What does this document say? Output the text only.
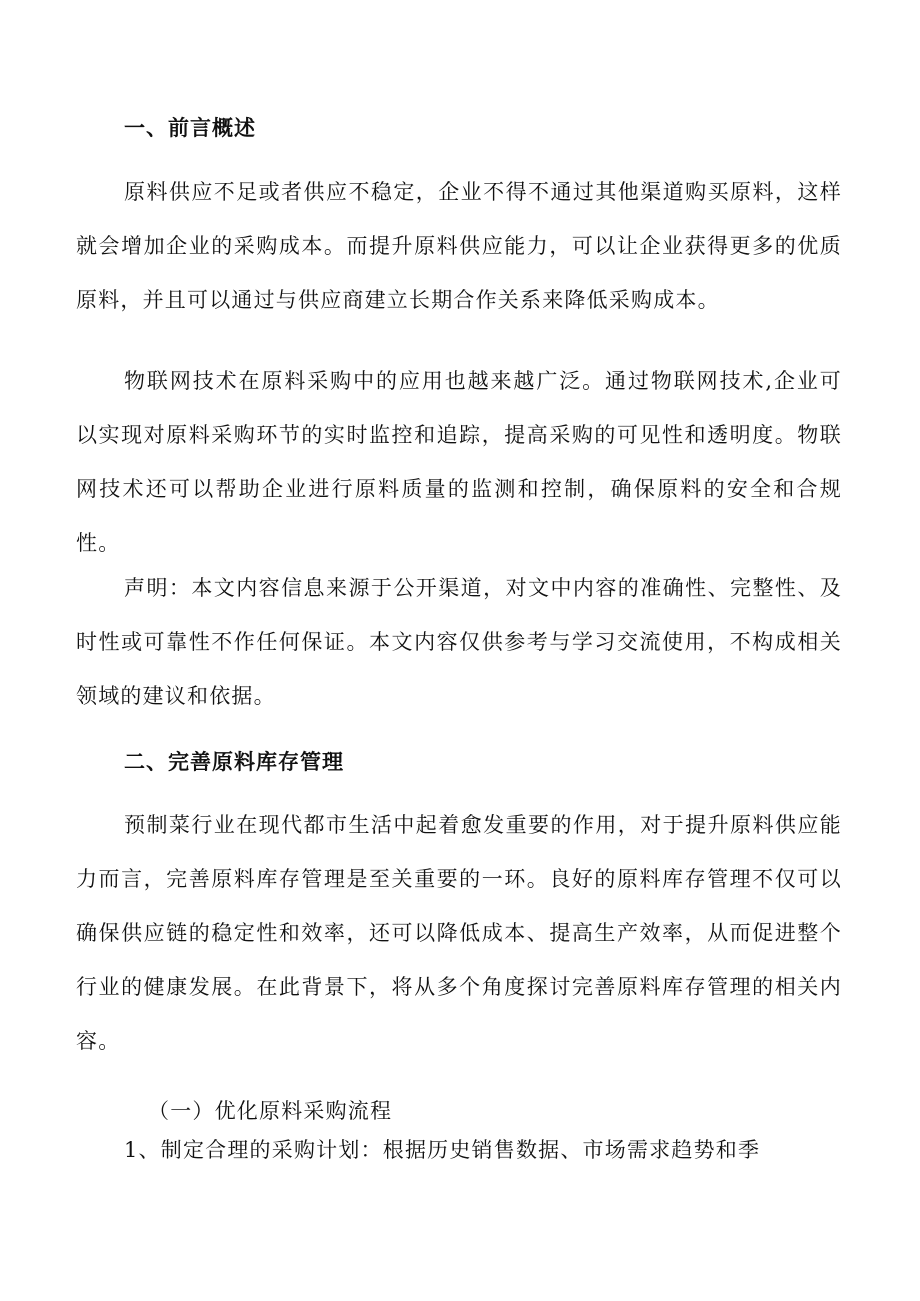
一、前言概述

原料供应不足或者供应不稳定，企业不得不通过其他渠道购买原料，这样就会增加企业的采购成本。而提升原料供应能力，可以让企业获得更多的优质原料，并且可以通过与供应商建立长期合作关系来降低采购成本。

物联网技术在原料采购中的应用也越来越广泛。通过物联网技术,企业可以实现对原料采购环节的实时监控和追踪，提高采购的可见性和透明度。物联网技术还可以帮助企业进行原料质量的监测和控制，确保原料的安全和合规性。

声明：本文内容信息来源于公开渠道，对文中内容的准确性、完整性、及时性或可靠性不作任何保证。本文内容仅供参考与学习交流使用，不构成相关领域的建议和依据。

二、完善原料库存管理

预制菜行业在现代都市生活中起着愈发重要的作用，对于提升原料供应能力而言，完善原料库存管理是至关重要的一环。良好的原料库存管理不仅可以确保供应链的稳定性和效率，还可以降低成本、提高生产效率，从而促进整个行业的健康发展。在此背景下，将从多个角度探讨完善原料库存管理的相关内容。

（一）优化原料采购流程

1、制定合理的采购计划：根据历史销售数据、市场需求趋势和季
